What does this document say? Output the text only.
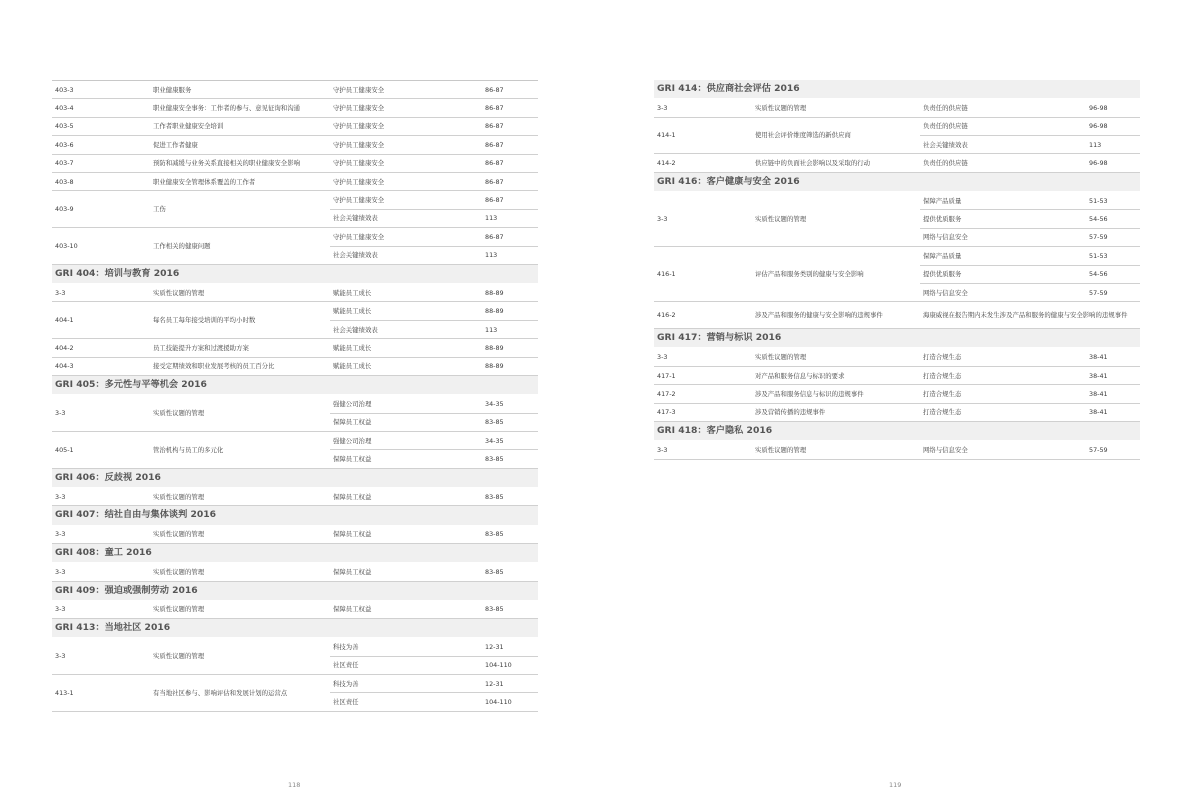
403-3	职业健康服务	守护员工健康安全	86-87
403-4	职业健康安全事务：工作者的参与、意见征询和沟通	守护员工健康安全	86-87
403-5	工作者职业健康安全培训	守护员工健康安全	86-87
403-6	促进工作者健康	守护员工健康安全	86-87
403-7	预防和减缓与业务关系直接相关的职业健康安全影响	守护员工健康安全	86-87
403-8	职业健康安全管理体系覆盖的工作者	守护员工健康安全	86-87
403-9	工伤	守护员工健康安全	86-87
		社会关键绩效表	113
403-10	工作相关的健康问题	守护员工健康安全	86-87
		社会关键绩效表	113
GRI 404：培训与教育 2016			
3-3	实质性议题的管理	赋能员工成长	88-89
404-1	每名员工每年接受培训的平均小时数	赋能员工成长	88-89
		社会关键绩效表	113
404-2	员工技能提升方案和过渡援助方案	赋能员工成长	88-89
404-3	接受定期绩效和职业发展考核的员工百分比	赋能员工成长	88-89
GRI 405：多元性与平等机会 2016			
3-3	实质性议题的管理	强健公司治理	34-35
		保障员工权益	83-85
405-1	管治机构与员工的多元化	强健公司治理	34-35
		保障员工权益	83-85
GRI 406：反歧视 2016			
3-3	实质性议题的管理	保障员工权益	83-85
GRI 407：结社自由与集体谈判 2016			
3-3	实质性议题的管理	保障员工权益	83-85
GRI 408：童工 2016			
3-3	实质性议题的管理	保障员工权益	83-85
GRI 409：强迫或强制劳动 2016			
3-3	实质性议题的管理	保障员工权益	83-85
GRI 413：当地社区 2016			
3-3	实质性议题的管理	科技为善	12-31
		社区责任	104-110
413-1	有当地社区参与、影响评估和发展计划的运营点	科技为善	12-31
		社区责任	104-110
GRI 414：供应商社会评估 2016			
3-3	实质性议题的管理	负责任的供应链	96-98
414-1	使用社会评价维度筛选的新供应商	负责任的供应链	96-98
		社会关键绩效表	113
414-2	供应链中的负面社会影响以及采取的行动	负责任的供应链	96-98
GRI 416：客户健康与安全 2016			
3-3	实质性议题的管理	保障产品质量	51-53
		提供优质服务	54-56
		网络与信息安全	57-59
416-1	评估产品和服务类别的健康与安全影响	保障产品质量	51-53
		提供优质服务	54-56
		网络与信息安全	57-59
416-2	涉及产品和服务的健康与安全影响的违规事件	海康威视在报告期内未发生涉及产品和服务的健康与安全影响的违规事件	
GRI 417：营销与标识 2016			
3-3	实质性议题的管理	打造合规生态	38-41
417-1	对产品和服务信息与标识的要求	打造合规生态	38-41
417-2	涉及产品和服务信息与标识的违规事件	打造合规生态	38-41
417-3	涉及营销传播的违规事件	打造合规生态	38-41
GRI 418：客户隐私 2016			
3-3	实质性议题的管理	网络与信息安全	57-59
118	119
